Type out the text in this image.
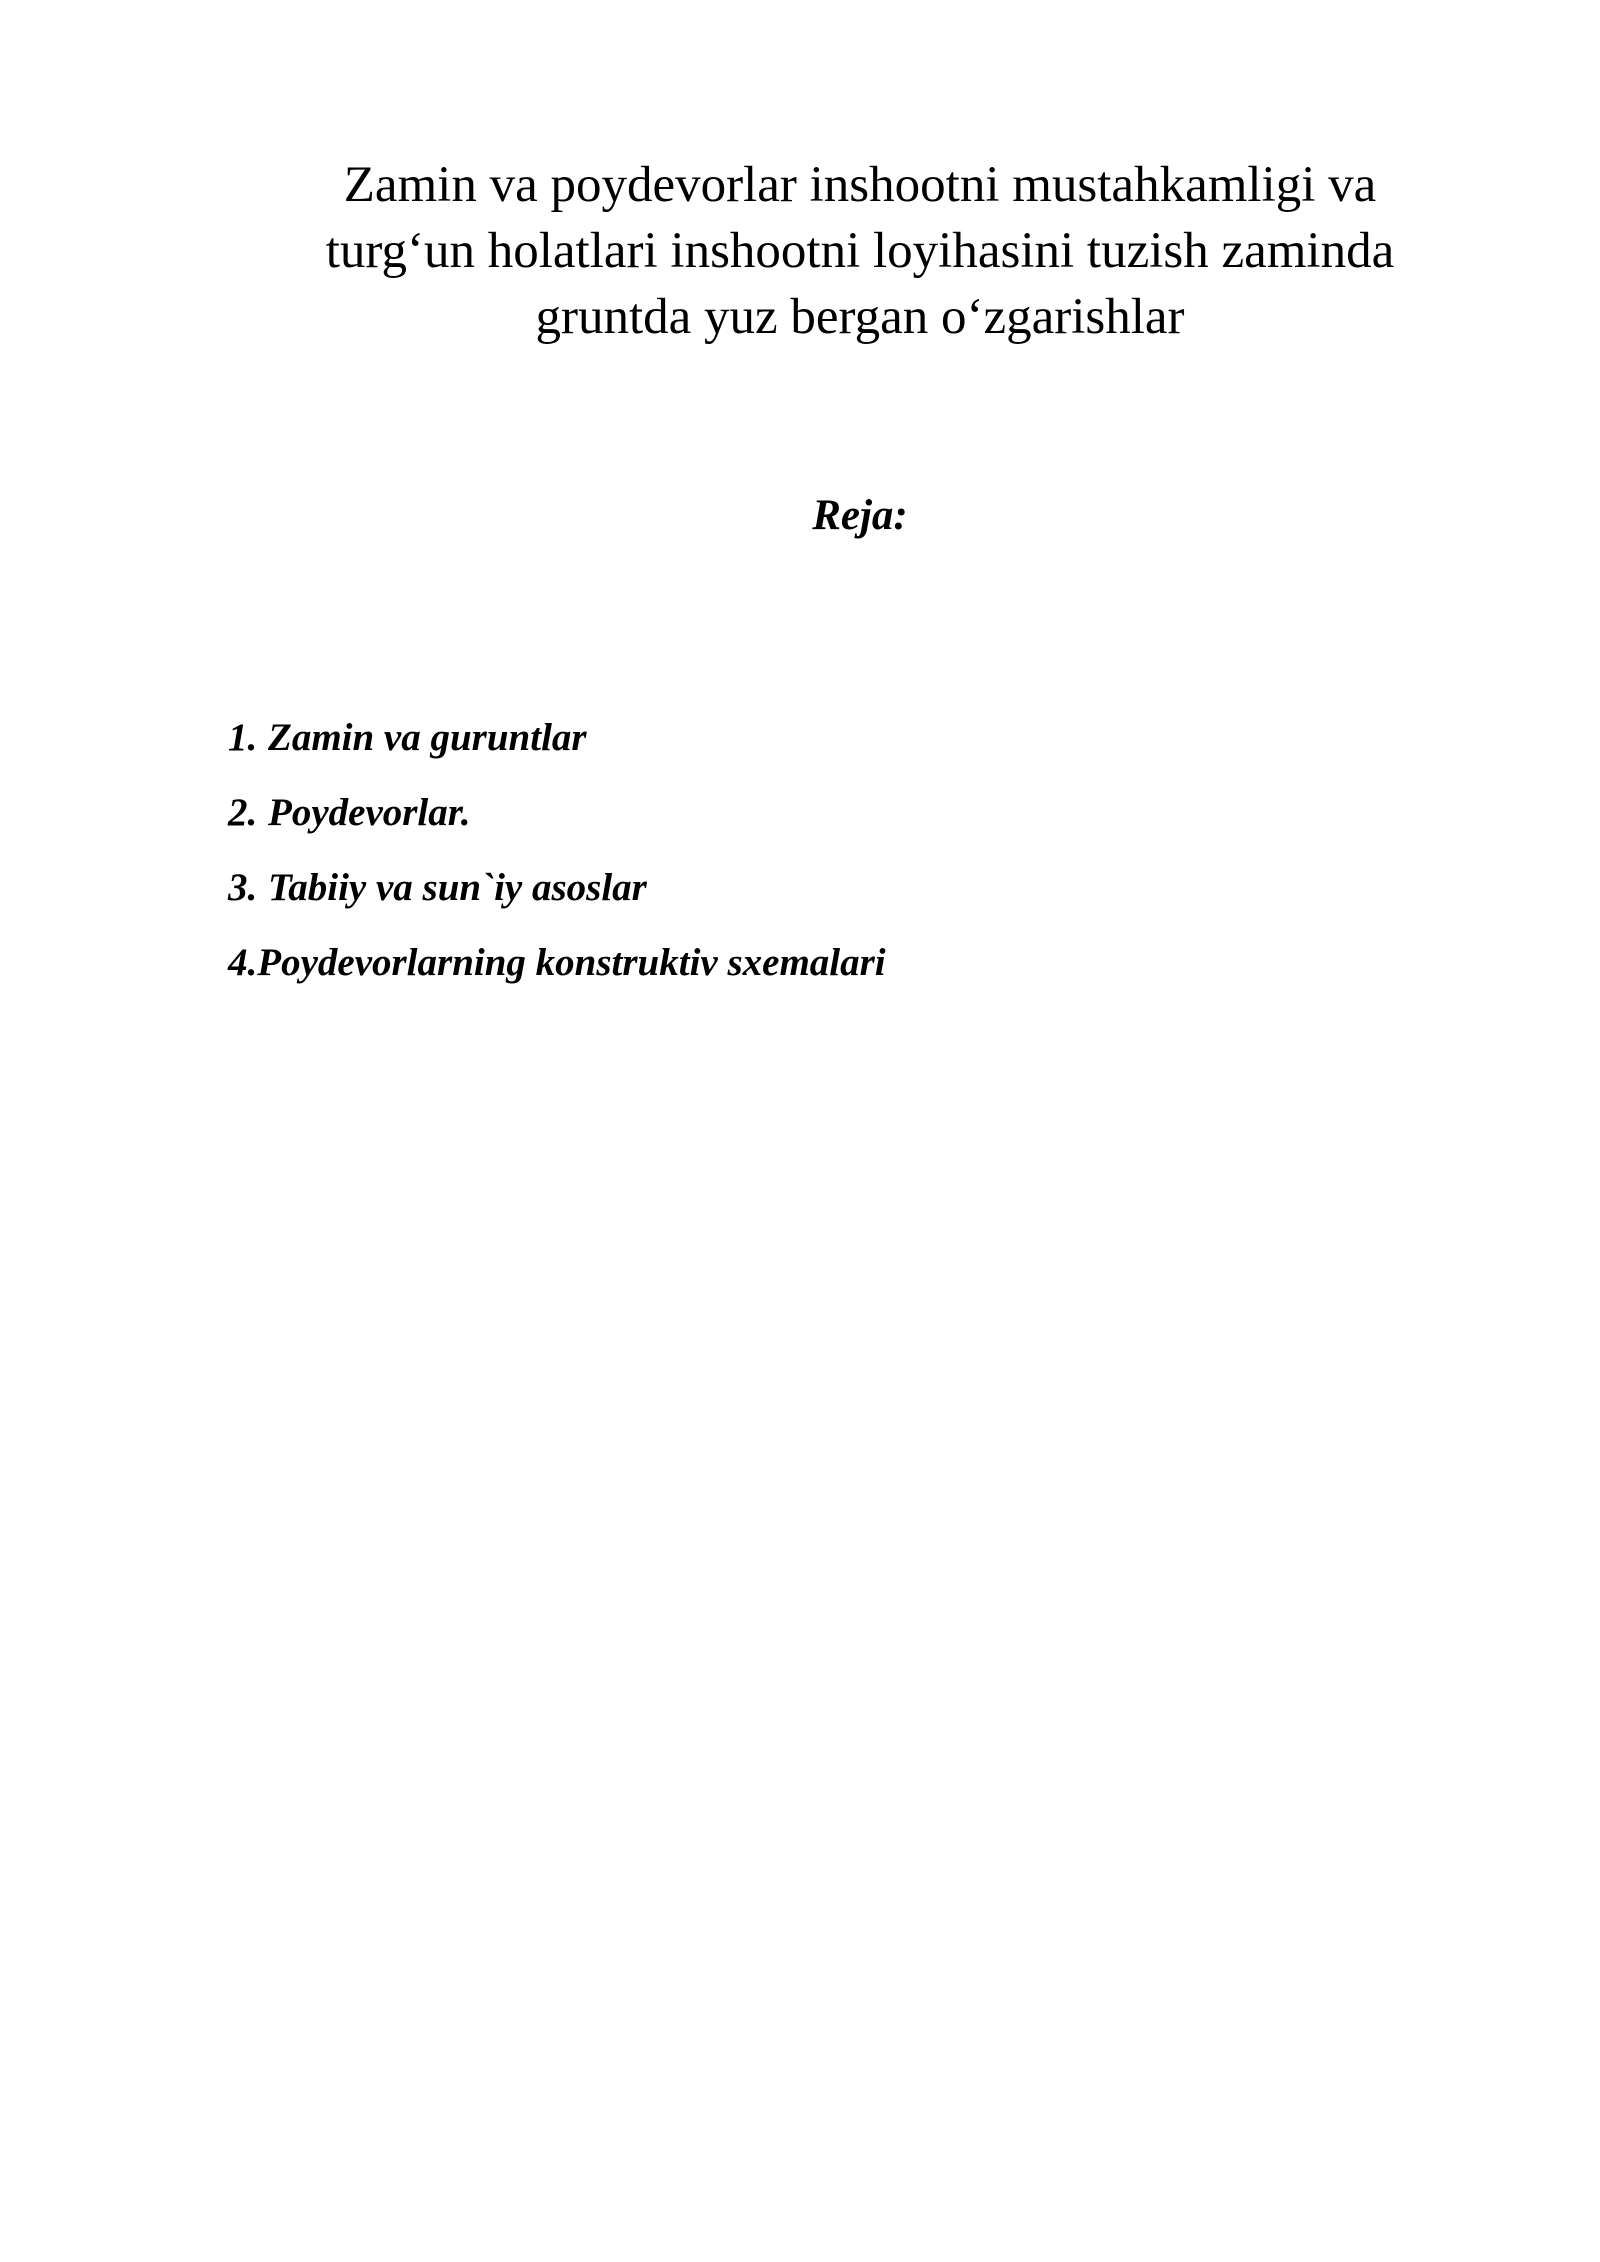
Zamin va poydevorlar inshootni mustahkamligi va
turg‘un holatlari inshootni loyihasini tuzish zaminda
gruntda yuz bergan o‘zgarishlar
Reja:
1. Zamin va guruntlar
2. Poydevorlar.
3. Tabiiy va sun`iy asoslar
4.Poydevorlarning konstruktiv sxemalari
